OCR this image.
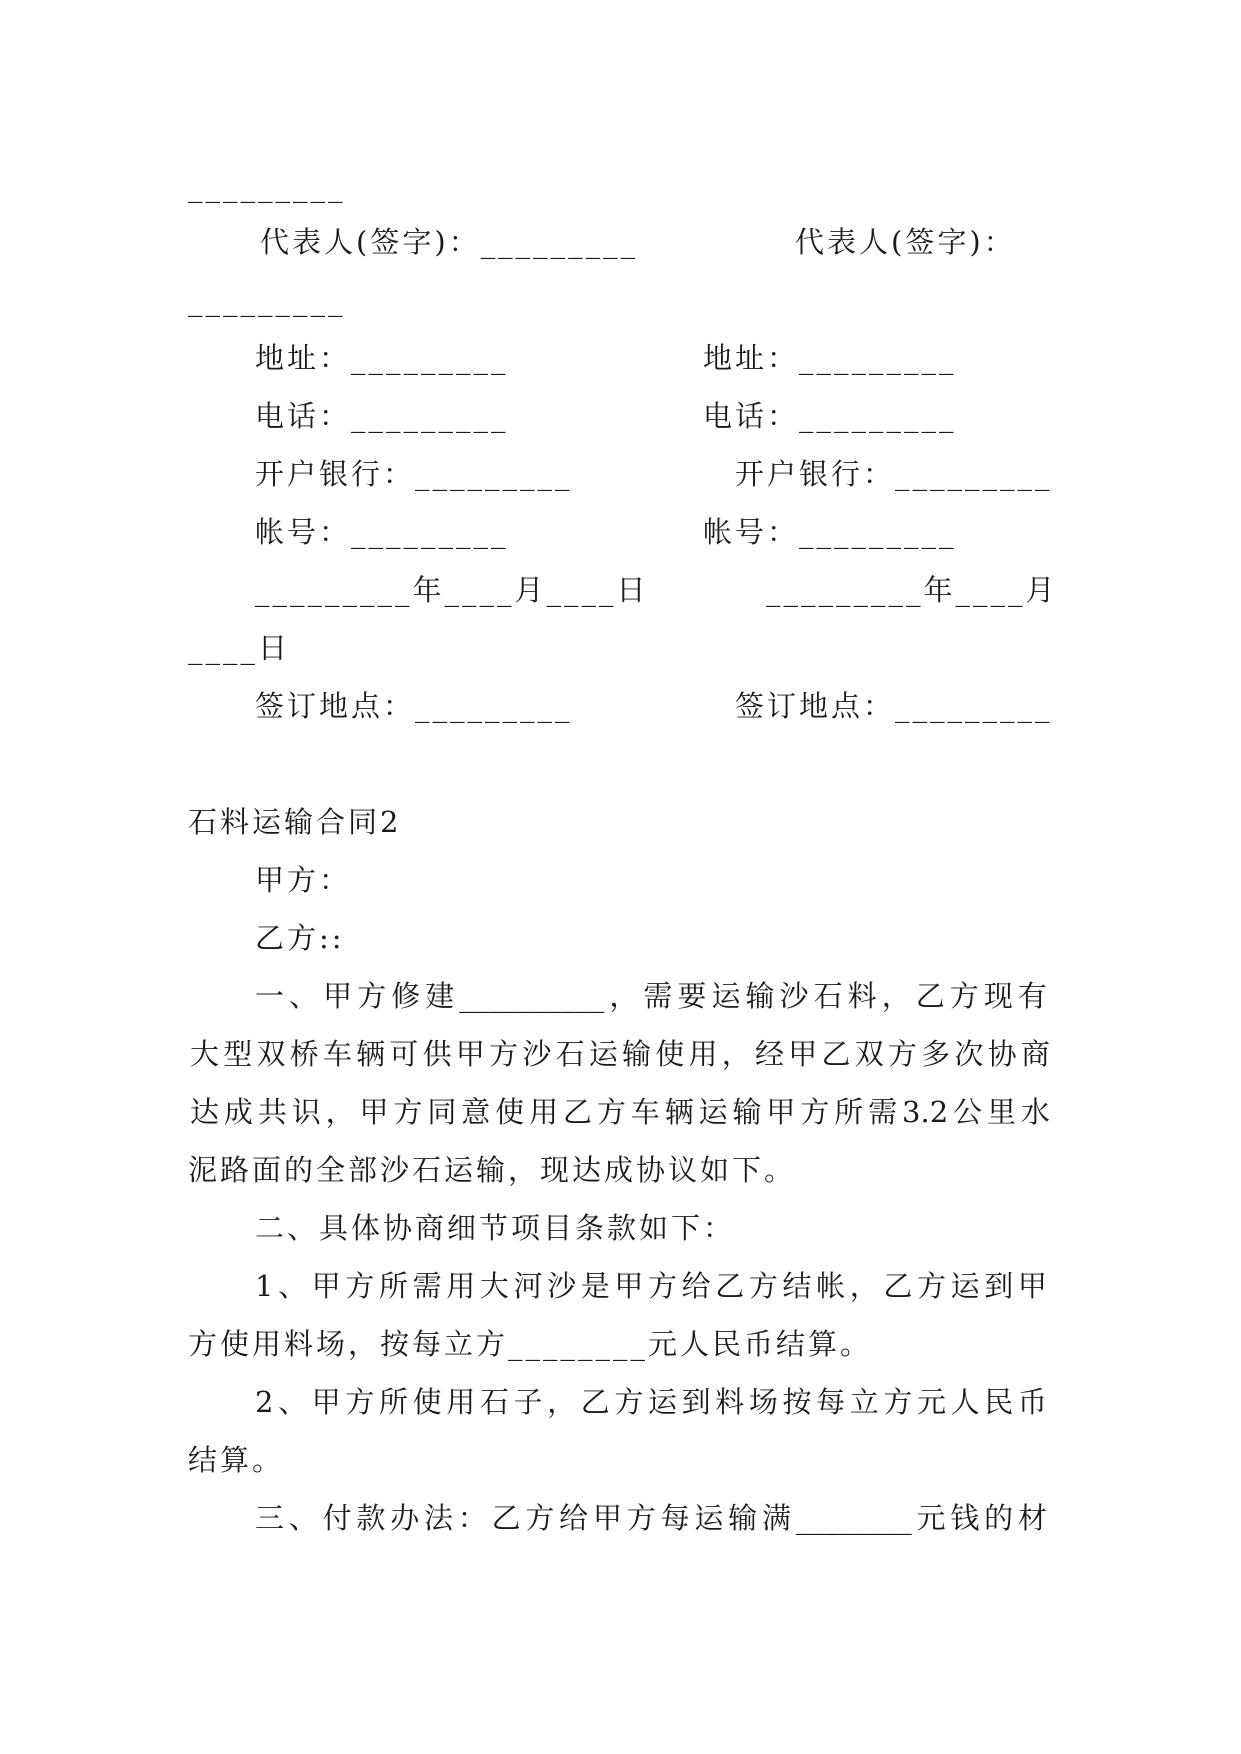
_________
代表人(签字)：_________	代表人(签字)：
_________
地址：_________	地址：_________
电话：_________	电话：_________
开户银行：_________	开户银行：_________
帐号：_________	帐号：_________
_________年____月____日	_________年____月
____日
签订地点：_________	签订地点：_________
石料运输合同2
甲方：
乙方::
一 、 甲 方 修 建 __________ ， 需 要 运 输 沙 石 料 ， 乙 方 现 有
大 型 双 桥 车 辆 可 供 甲 方 沙 石 运 输 使 用 ， 经 甲 乙 双 方 多 次 协 商
达 成 共 识 ， 甲 方 同 意 使 用 乙 方 车 辆 运 输 甲 方 所 需 3.2 公 里 水
泥路面的全部沙石运输，现达成协议如下。
二、具体协商细节项目条款如下：
1 、 甲 方 所 需 用 大 河 沙 是 甲 方 给 乙 方 结 帐 ， 乙 方 运 到 甲
方使用料场，按每立方________元人民币结算。
2 、 甲 方 所 使 用 石 子 ， 乙 方 运 到 料 场 按 每 立 方 元 人 民 币
结算。
三 、 付 款 办 法 ： 乙 方 给 甲 方 每 运 输 满 ________ 元 钱 的 材
